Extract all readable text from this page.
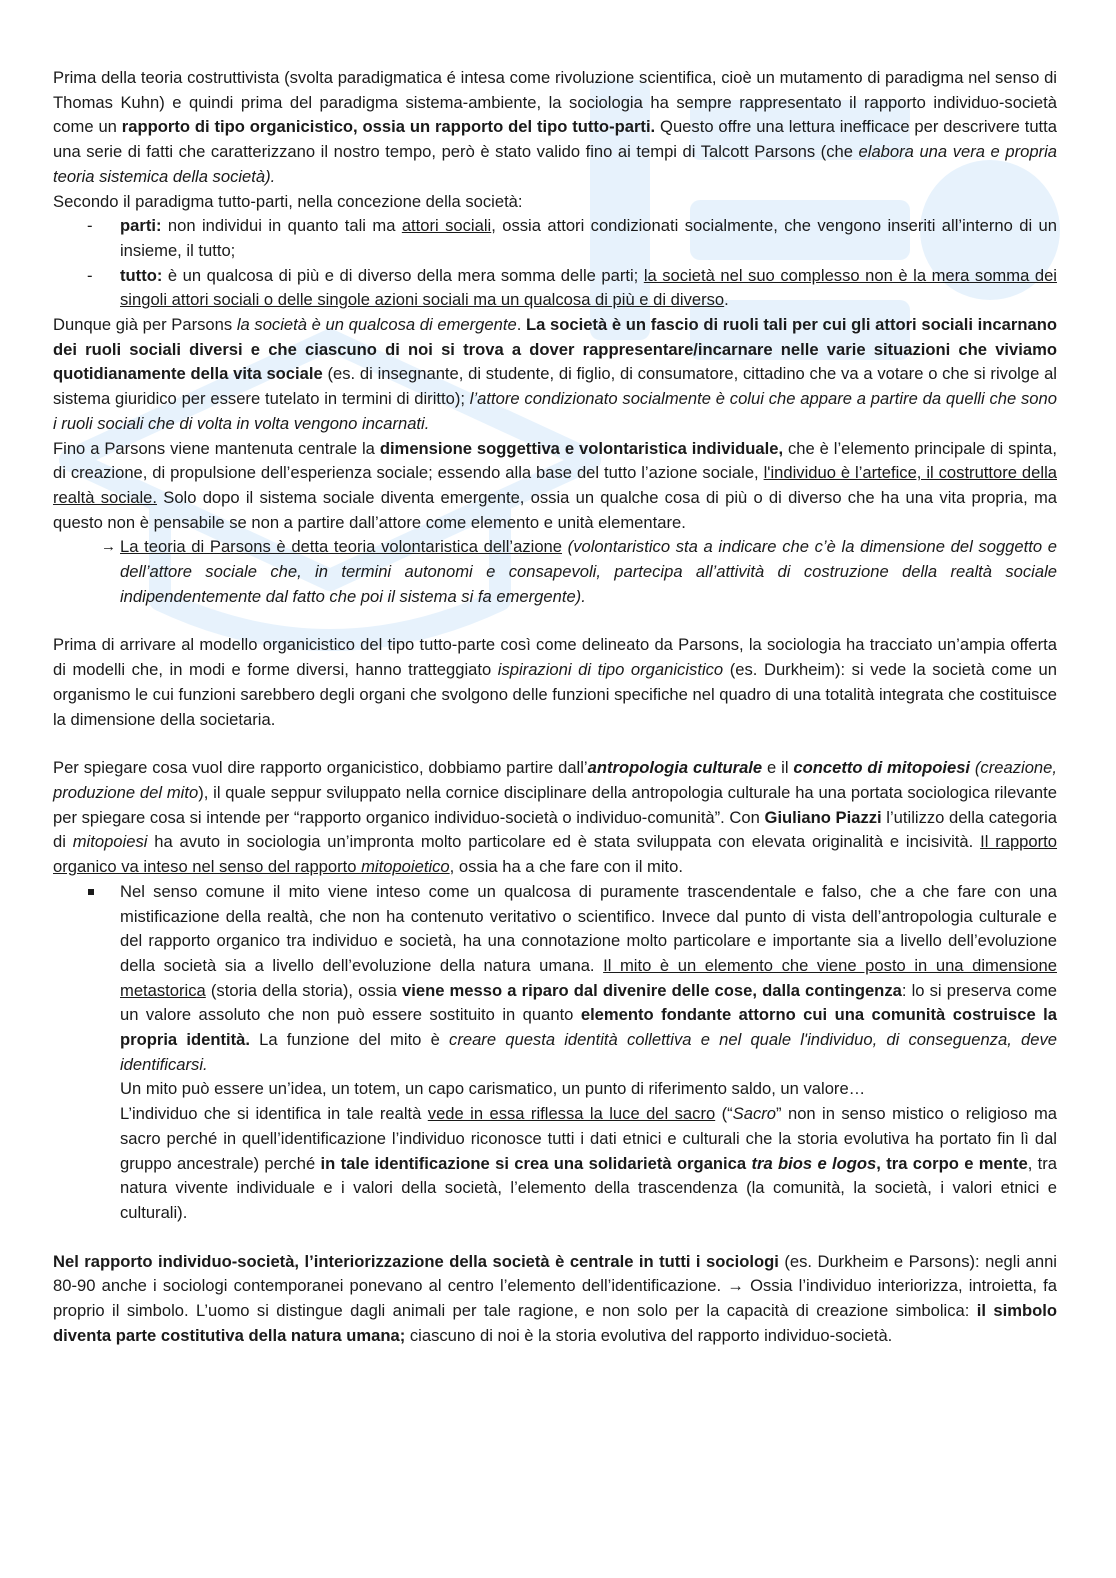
Prima della teoria costruttivista (svolta paradigmatica é intesa come rivoluzione scientifica, cioè un mutamento di paradigma nel senso di Thomas Kuhn) e quindi prima del paradigma sistema-ambiente, la sociologia ha sempre rappresentato il rapporto individuo-società come un rapporto di tipo organicistico, ossia un rapporto del tipo tutto-parti. Questo offre una lettura inefficace per descrivere tutta una serie di fatti che caratterizzano il nostro tempo, però è stato valido fino ai tempi di Talcott Parsons (che elabora una vera e propria teoria sistemica della società).

Secondo il paradigma tutto-parti, nella concezione della società:

- parti: non individui in quanto tali ma attori sociali, ossia attori condizionati socialmente, che vengono inseriti all’interno di un insieme, il tutto;
- tutto: è un qualcosa di più e di diverso della mera somma delle parti; la società nel suo complesso non è la mera somma dei singoli attori sociali o delle singole azioni sociali ma un qualcosa di più e di diverso.

Dunque già per Parsons la società è un qualcosa di emergente. La società è un fascio di ruoli tali per cui gli attori sociali incarnano dei ruoli sociali diversi e che ciascuno di noi si trova a dover rappresentare/incarnare nelle varie situazioni che viviamo quotidianamente della vita sociale (es. di insegnante, di studente, di figlio, di consumatore, cittadino che va a votare o che si rivolge al sistema giuridico per essere tutelato in termini di diritto); l’attore condizionato socialmente è colui che appare a partire da quelli che sono i ruoli sociali che di volta in volta vengono incarnati.

Fino a Parsons viene mantenuta centrale la dimensione soggettiva e volontaristica individuale, che è l’elemento principale di spinta, di creazione, di propulsione dell’esperienza sociale; essendo alla base del tutto l’azione sociale, l'individuo è l’artefice, il costruttore della realtà sociale. Solo dopo il sistema sociale diventa emergente, ossia un qualche cosa di più o di diverso che ha una vita propria, ma questo non è pensabile se non a partire dall’attore come elemento e unità elementare.

→ La teoria di Parsons è detta teoria volontaristica dell’azione (volontaristico sta a indicare che c’è la dimensione del soggetto e dell’attore sociale che, in termini autonomi e consapevoli, partecipa all’attività di costruzione della realtà sociale indipendentemente dal fatto che poi il sistema si fa emergente).

Prima di arrivare al modello organicistico del tipo tutto-parte così come delineato da Parsons, la sociologia ha tracciato un’ampia offerta di modelli che, in modi e forme diversi, hanno tratteggiato ispirazioni di tipo organicistico (es. Durkheim): si vede la società come un organismo le cui funzioni sarebbero degli organi che svolgono delle funzioni specifiche nel quadro di una totalità integrata che costituisce la dimensione della societaria.

Per spiegare cosa vuol dire rapporto organicistico, dobbiamo partire dall’antropologia culturale e il concetto di mitopoiesi (creazione, produzione del mito), il quale seppur sviluppato nella cornice disciplinare della antropologia culturale ha una portata sociologica rilevante per spiegare cosa si intende per “rapporto organico individuo-società o individuo-comunità”. Con Giuliano Piazzi l’utilizzo della categoria di mitopoiesi ha avuto in sociologia un’impronta molto particolare ed è stata sviluppata con elevata originalità e incisività. Il rapporto organico va inteso nel senso del rapporto mitopoietico, ossia ha a che fare con il mito.

Nel senso comune il mito viene inteso come un qualcosa di puramente trascendentale e falso, che a che fare con una mistificazione della realtà, che non ha contenuto veritativo o scientifico. Invece dal punto di vista dell’antropologia culturale e del rapporto organico tra individuo e società, ha una connotazione molto particolare e importante sia a livello dell’evoluzione della società sia a livello dell’evoluzione della natura umana. Il mito è un elemento che viene posto in una dimensione metastorica (storia della storia), ossia viene messo a riparo dal divenire delle cose, dalla contingenza: lo si preserva come un valore assoluto che non può essere sostituito in quanto elemento fondante attorno cui una comunità costruisce la propria identità. La funzione del mito è creare questa identità collettiva e nel quale l'individuo, di conseguenza, deve identificarsi.
Un mito può essere un’idea, un totem, un capo carismatico, un punto di riferimento saldo, un valore…
L’individuo che si identifica in tale realtà vede in essa riflessa la luce del sacro (“Sacro” non in senso mistico o religioso ma sacro perché in quell’identificazione l’individuo riconosce tutti i dati etnici e culturali che la storia evolutiva ha portato fin lì dal gruppo ancestrale) perché in tale identificazione si crea una solidarietà organica tra bios e logos, tra corpo e mente, tra natura vivente individuale e i valori della società, l’elemento della trascendenza (la comunità, la società, i valori etnici e culturali).

Nel rapporto individuo-società, l’interiorizzazione della società è centrale in tutti i sociologi (es. Durkheim e Parsons): negli anni 80-90 anche i sociologi contemporanei ponevano al centro l’elemento dell’identificazione. → Ossia l’individuo interiorizza, introietta, fa proprio il simbolo. L’uomo si distingue dagli animali per tale ragione, e non solo per la capacità di creazione simbolica: il simbolo diventa parte costitutiva della natura umana; ciascuno di noi è la storia evolutiva del rapporto individuo-società.
